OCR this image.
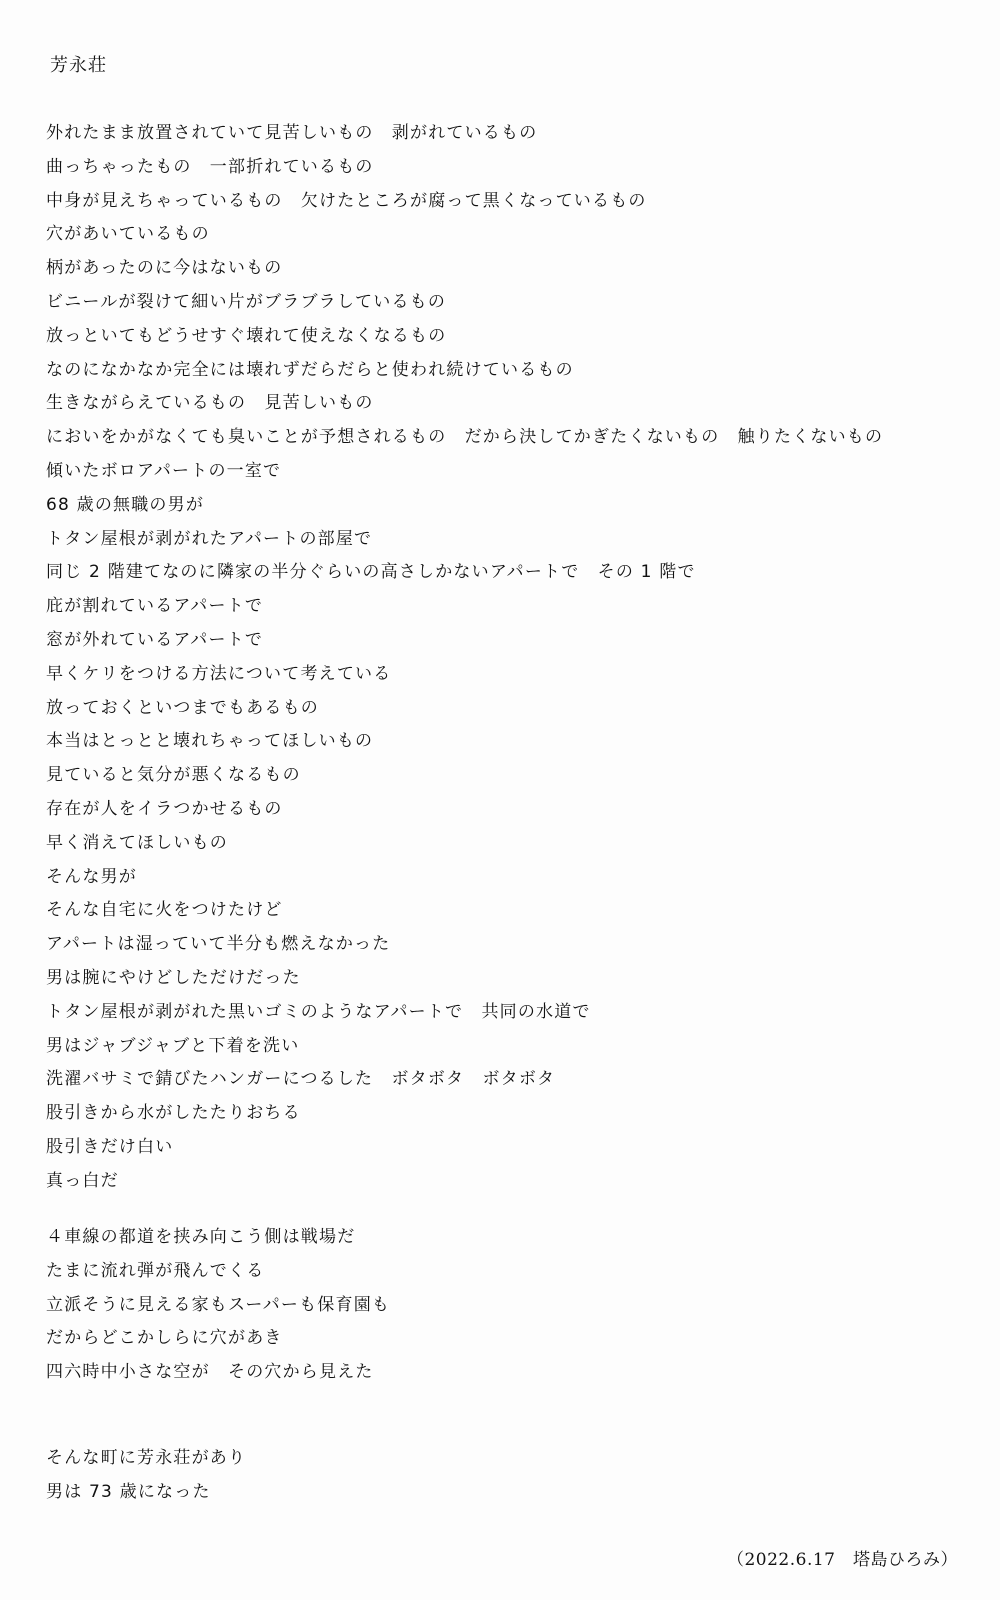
芳永荘
外れたまま放置されていて見苦しいもの　剥がれているもの
曲っちゃったもの　一部折れているもの
中身が見えちゃっているもの　欠けたところが腐って黒くなっているもの
穴があいているもの
柄があったのに今はないもの
ビニールが裂けて細い片がブラブラしているもの
放っといてもどうせすぐ壊れて使えなくなるもの
なのになかなか完全には壊れずだらだらと使われ続けているもの
生きながらえているもの　見苦しいもの
においをかがなくても臭いことが予想されるもの　だから決してかぎたくないもの　触りたくないもの
傾いたボロアパートの一室で
68 歳の無職の男が
トタン屋根が剥がれたアパートの部屋で
同じ 2 階建てなのに隣家の半分ぐらいの高さしかないアパートで　その 1 階で
庇が割れているアパートで
窓が外れているアパートで
早くケリをつける方法について考えている
放っておくといつまでもあるもの
本当はとっとと壊れちゃってほしいもの
見ていると気分が悪くなるもの
存在が人をイラつかせるもの
早く消えてほしいもの
そんな男が
そんな自宅に火をつけたけど
アパートは湿っていて半分も燃えなかった
男は腕にやけどしただけだった
トタン屋根が剥がれた黒いゴミのようなアパートで　共同の水道で
男はジャブジャブと下着を洗い
洗濯バサミで錆びたハンガーにつるした　ボタボタ　ボタボタ
股引きから水がしたたりおちる
股引きだけ白い
真っ白だ
４車線の都道を挟み向こう側は戦場だ
たまに流れ弾が飛んでくる
立派そうに見える家もスーパーも保育園も
だからどこかしらに穴があき
四六時中小さな空が　その穴から見えた
そんな町に芳永荘があり
男は 73 歳になった
（2022.6.17　塔島ひろみ）
